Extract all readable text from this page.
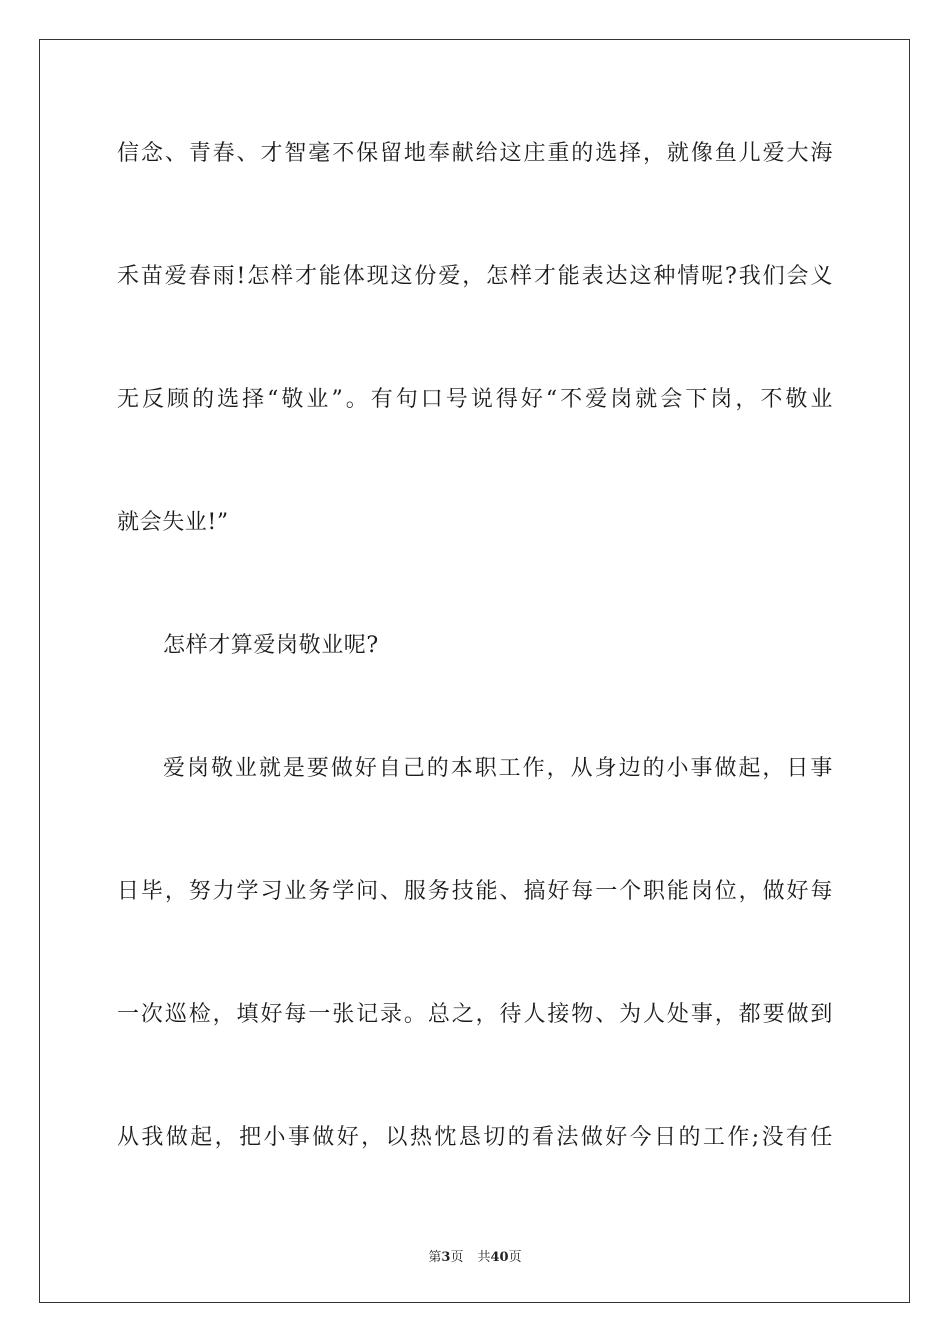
信念、青春、才智毫不保留地奉献给这庄重的选择，就像鱼儿爱大海
禾苗爱春雨!怎样才能体现这份爱，怎样才能表达这种情呢?我们会义
无反顾的选择“敬业”。有句口号说得好“不爱岗就会下岗，不敬业
就会失业!”
怎样才算爱岗敬业呢?
爱岗敬业就是要做好自己的本职工作，从身边的小事做起，日事
日毕，努力学习业务学问、服务技能、搞好每一个职能岗位，做好每
一次巡检，填好每一张记录。总之，待人接物、为人处事，都要做到
从我做起，把小事做好，以热忱恳切的看法做好今日的工作;没有任
第3页 共40页
